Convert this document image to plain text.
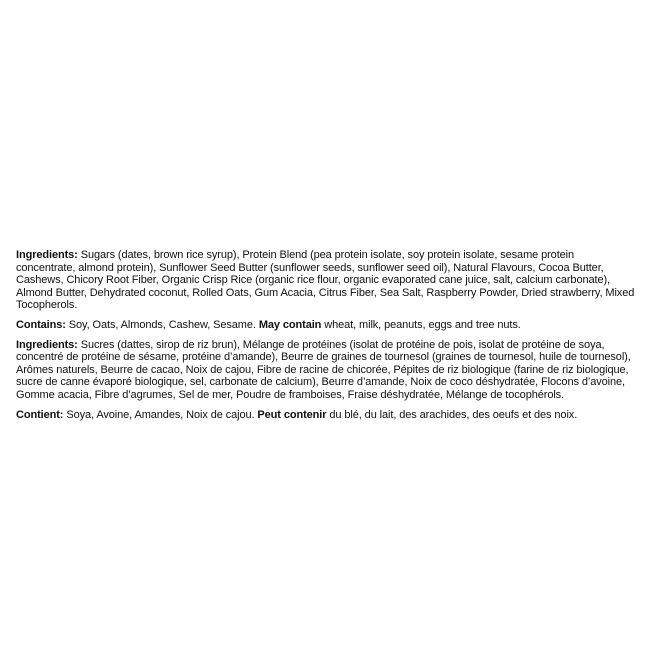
Ingredients: Sugars (dates, brown rice syrup), Protein Blend (pea protein isolate, soy protein isolate, sesame protein concentrate, almond protein), Sunflower Seed Butter (sunflower seeds, sunflower seed oil), Natural Flavours, Cocoa Butter, Cashews, Chicory Root Fiber, Organic Crisp Rice (organic rice flour, organic evaporated cane juice, salt, calcium carbonate), Almond Butter, Dehydrated coconut, Rolled Oats, Gum Acacia, Citrus Fiber, Sea Salt, Raspberry Powder, Dried strawberry, Mixed Tocopherols.

Contains: Soy, Oats, Almonds, Cashew, Sesame. May contain wheat, milk, peanuts, eggs and tree nuts.

Ingredients: Sucres (dattes, sirop de riz brun), Mélange de protéines (isolat de protéine de pois, isolat de protéine de soya, concentré de protéine de sésame, protéine d’amande), Beurre de graines de tournesol (graines de tournesol, huile de tournesol), Arômes naturels, Beurre de cacao, Noix de cajou, Fibre de racine de chicorée, Pépites de riz biologique (farine de riz biologique, sucre de canne évaporé biologique, sel, carbonate de calcium), Beurre d’amande, Noix de coco déshydratée, Flocons d’avoine, Gomme acacia, Fibre d’agrumes, Sel de mer, Poudre de framboises, Fraise déshydratée, Mélange de tocophérols.

Contient: Soya, Avoine, Amandes, Noix de cajou. Peut contenir du blé, du lait, des arachides, des oeufs et des noix.
